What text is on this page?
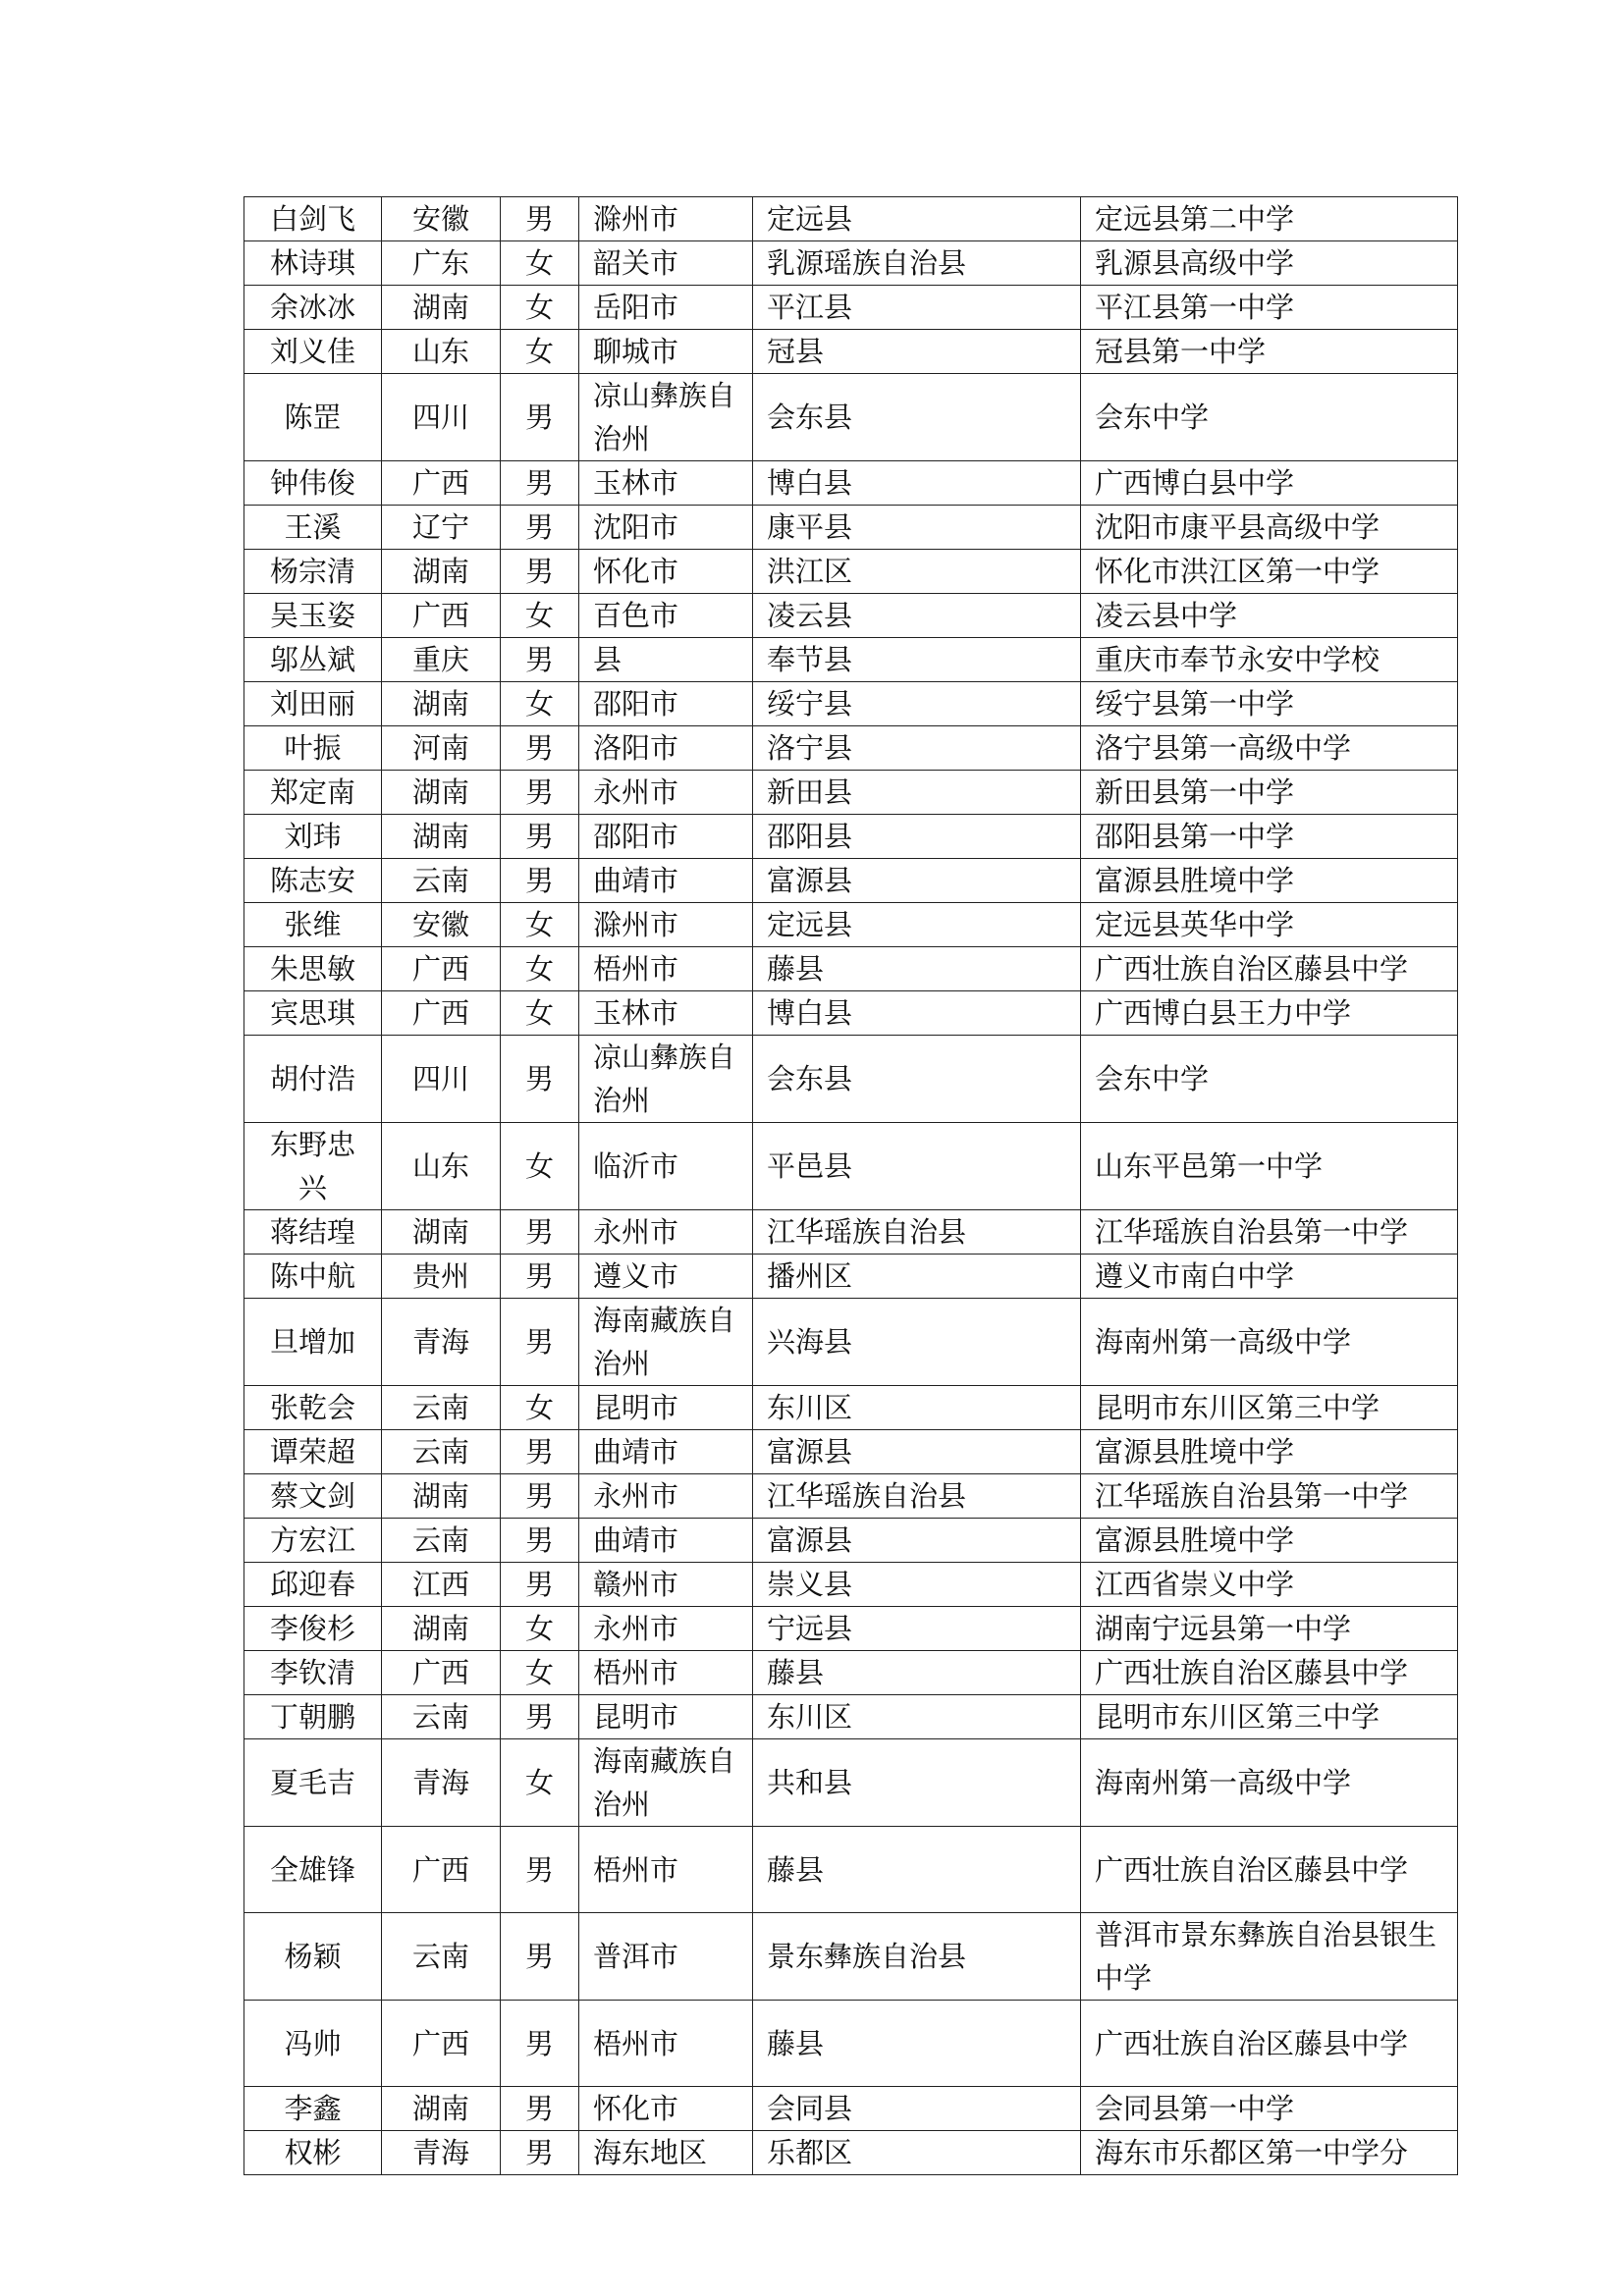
白剑飞	安徽	男	滁州市	定远县	定远县第二中学
林诗琪	广东	女	韶关市	乳源瑶族自治县	乳源县高级中学
余冰冰	湖南	女	岳阳市	平江县	平江县第一中学
刘义佳	山东	女	聊城市	冠县	冠县第一中学
陈罡	四川	男	凉山彝族自治州	会东县	会东中学
钟伟俊	广西	男	玉林市	博白县	广西博白县中学
王溪	辽宁	男	沈阳市	康平县	沈阳市康平县高级中学
杨宗清	湖南	男	怀化市	洪江区	怀化市洪江区第一中学
吴玉姿	广西	女	百色市	凌云县	凌云县中学
邬丛斌	重庆	男	县	奉节县	重庆市奉节永安中学校
刘田丽	湖南	女	邵阳市	绥宁县	绥宁县第一中学
叶振	河南	男	洛阳市	洛宁县	洛宁县第一高级中学
郑定南	湖南	男	永州市	新田县	新田县第一中学
刘玮	湖南	男	邵阳市	邵阳县	邵阳县第一中学
陈志安	云南	男	曲靖市	富源县	富源县胜境中学
张维	安徽	女	滁州市	定远县	定远县英华中学
朱思敏	广西	女	梧州市	藤县	广西壮族自治区藤县中学
宾思琪	广西	女	玉林市	博白县	广西博白县王力中学
胡付浩	四川	男	凉山彝族自治州	会东县	会东中学
东野忠兴	山东	女	临沂市	平邑县	山东平邑第一中学
蒋结瑝	湖南	男	永州市	江华瑶族自治县	江华瑶族自治县第一中学
陈中航	贵州	男	遵义市	播州区	遵义市南白中学
旦增加	青海	男	海南藏族自治州	兴海县	海南州第一高级中学
张乾会	云南	女	昆明市	东川区	昆明市东川区第三中学
谭荣超	云南	男	曲靖市	富源县	富源县胜境中学
蔡文剑	湖南	男	永州市	江华瑶族自治县	江华瑶族自治县第一中学
方宏江	云南	男	曲靖市	富源县	富源县胜境中学
邱迎春	江西	男	赣州市	崇义县	江西省崇义中学
李俊杉	湖南	女	永州市	宁远县	湖南宁远县第一中学
李钦清	广西	女	梧州市	藤县	广西壮族自治区藤县中学
丁朝鹏	云南	男	昆明市	东川区	昆明市东川区第三中学
夏毛吉	青海	女	海南藏族自治州	共和县	海南州第一高级中学
全雄锋	广西	男	梧州市	藤县	广西壮族自治区藤县中学
杨颖	云南	男	普洱市	景东彝族自治县	普洱市景东彝族自治县银生中学
冯帅	广西	男	梧州市	藤县	广西壮族自治区藤县中学
李鑫	湖南	男	怀化市	会同县	会同县第一中学
权彬	青海	男	海东地区	乐都区	海东市乐都区第一中学分
